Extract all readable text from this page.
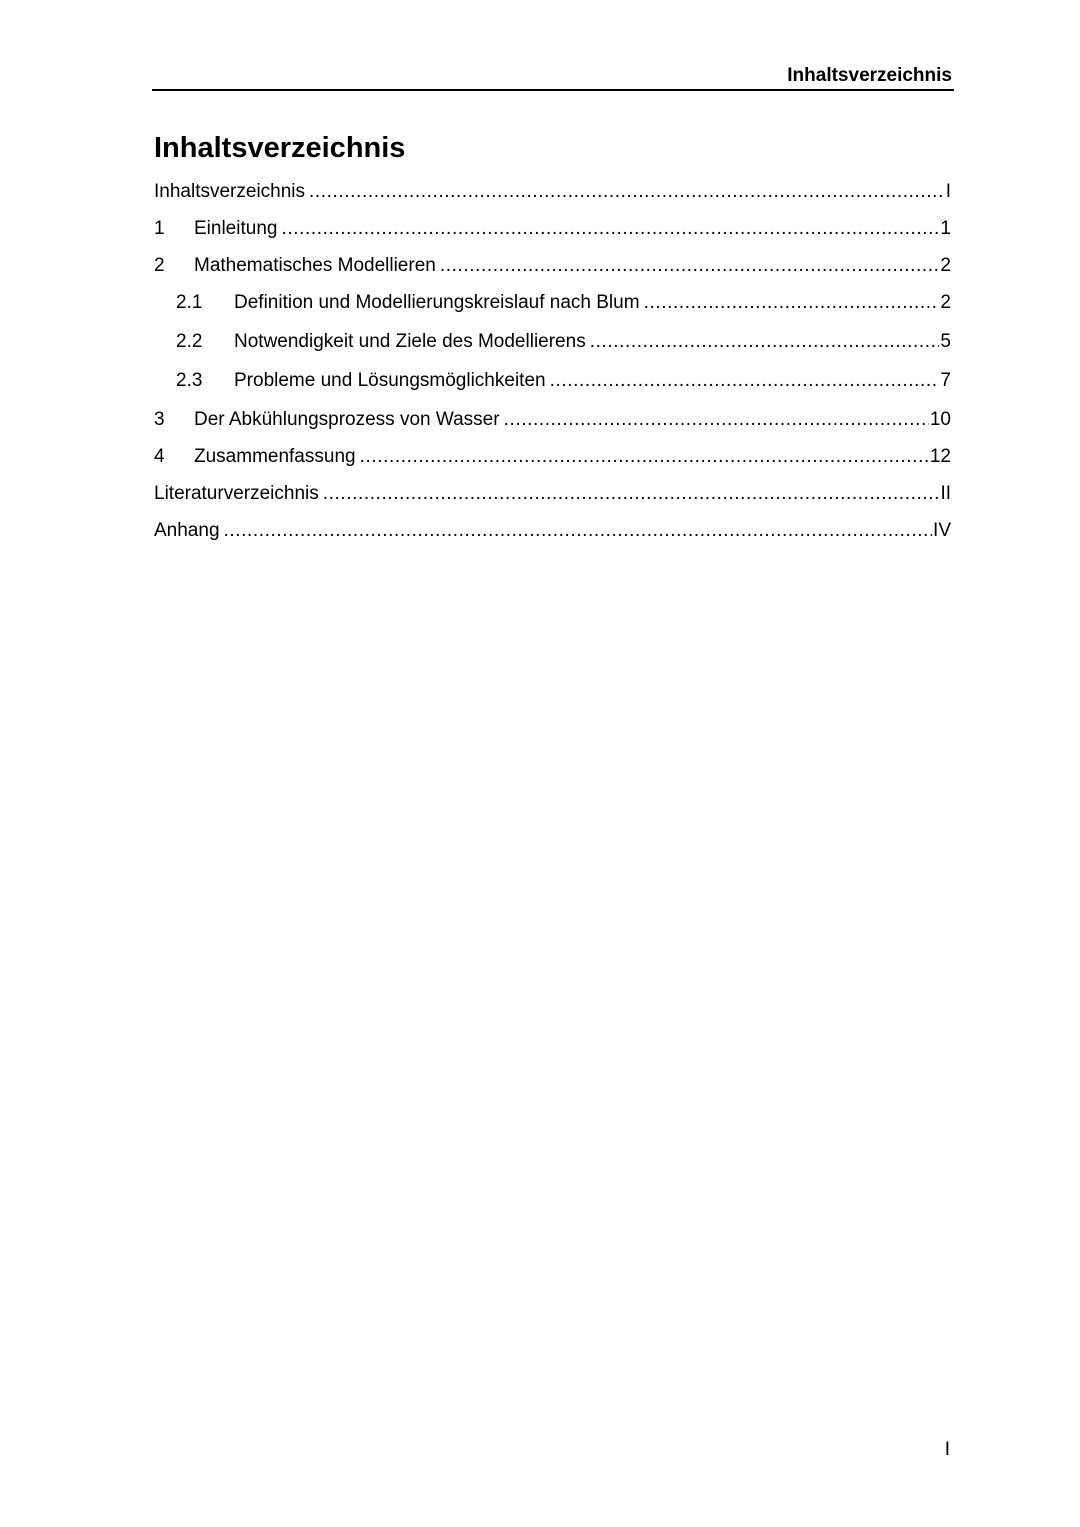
Inhaltsverzeichnis
Inhaltsverzeichnis
Inhaltsverzeichnis .....	I
1	Einleitung .....	1
2	Mathematisches Modellieren .....	2
2.1	Definition und Modellierungskreislauf nach Blum .....	2
2.2	Notwendigkeit und Ziele des Modellierens .....	5
2.3	Probleme und Lösungsmöglichkeiten .....	7
3	Der Abkühlungsprozess von Wasser .....	10
4	Zusammenfassung .....	12
Literaturverzeichnis .....	II
Anhang .....	IV
I
